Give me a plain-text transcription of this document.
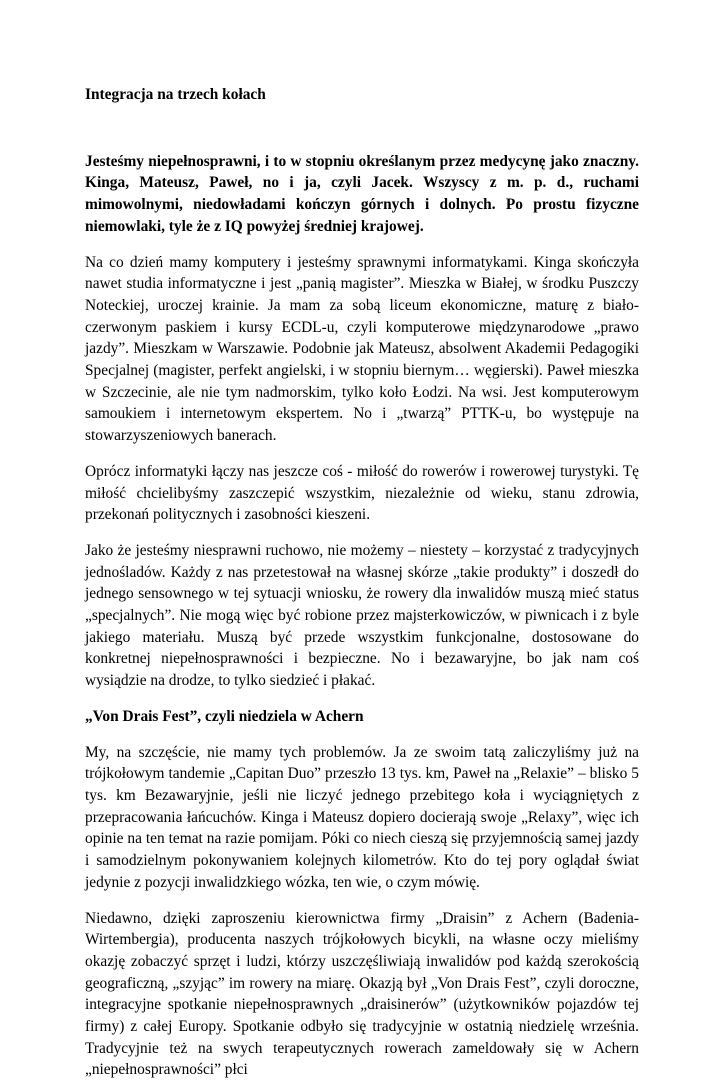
Integracja na trzech kołach

Jesteśmy niepełnosprawni, i to w stopniu określanym przez medycynę jako znaczny. Kinga, Mateusz, Paweł, no i ja, czyli Jacek. Wszyscy z m. p. d., ruchami mimowolnymi, niedowładami kończyn górnych i dolnych. Po prostu fizyczne niemowlaki, tyle że z IQ powyżej średniej krajowej.

Na co dzień mamy komputery i jesteśmy sprawnymi informatykami. Kinga skończyła nawet studia informatyczne i jest „panią magister”. Mieszka w Białej, w środku Puszczy Noteckiej, uroczej krainie. Ja mam za sobą liceum ekonomiczne, maturę z biało-czerwonym paskiem i kursy ECDL-u, czyli komputerowe międzynarodowe „prawo jazdy”. Mieszkam w Warszawie. Podobnie jak Mateusz, absolwent Akademii Pedagogiki Specjalnej (magister, perfekt angielski, i w stopniu biernym… węgierski). Paweł mieszka w Szczecinie, ale nie tym nadmorskim, tylko koło Łodzi. Na wsi. Jest komputerowym samoukiem i internetowym ekspertem. No i „twarzą” PTTK-u, bo występuje na stowarzyszeniowych banerach.

Oprócz informatyki łączy nas jeszcze coś - miłość do rowerów i rowerowej turystyki. Tę miłość chcielibyśmy zaszczepić wszystkim, niezależnie od wieku, stanu zdrowia, przekonań politycznych i zasobności kieszeni.

Jako że jesteśmy niesprawni ruchowo, nie możemy – niestety – korzystać z tradycyjnych jednośladów. Każdy z nas przetestował na własnej skórze „takie produkty” i doszedł do jednego sensownego w tej sytuacji wniosku, że rowery dla inwalidów muszą mieć status „specjalnych”. Nie mogą więc być robione przez majsterkowiczów, w piwnicach i z byle jakiego materiału. Muszą być przede wszystkim funkcjonalne, dostosowane do konkretnej niepełnosprawności i bezpieczne. No i bezawaryjne, bo jak nam coś wysiądzie na drodze, to tylko siedzieć i płakać.

„Von Drais Fest”, czyli niedziela w Achern

My, na szczęście, nie mamy tych problemów. Ja ze swoim tatą zaliczyliśmy już na trójkołowym tandemie „Capitan Duo” przeszło 13 tys. km, Paweł na „Relaxie” – blisko 5 tys. km Bezawaryjnie, jeśli nie liczyć jednego przebitego koła i wyciągniętych z przepracowania łańcuchów. Kinga i Mateusz dopiero docierają swoje „Relaxy”, więc ich opinie na ten temat na razie pomijam. Póki co niech cieszą się przyjemnością samej jazdy i samodzielnym pokonywaniem kolejnych kilometrów. Kto do tej pory oglądał świat jedynie z pozycji inwalidzkiego wózka, ten wie, o czym mówię.

Niedawno, dzięki zaproszeniu kierownictwa firmy „Draisin” z Achern (Badenia-Wirtembergia), producenta naszych trójkołowych bicykli, na własne oczy mieliśmy okazję zobaczyć sprzęt i ludzi, którzy uszczęśliwiają inwalidów pod każdą szerokością geograficzną, „szyjąc” im rowery na miarę. Okazją był „Von Drais Fest”, czyli doroczne, integracyjne spotkanie niepełnosprawnych „draisinerów” (użytkowników pojazdów tej firmy) z całej Europy. Spotkanie odbyło się tradycyjnie w ostatnią niedzielę września. Tradycyjnie też na swych terapeutycznych rowerach zameldowały się w Achern „niepełnosprawności” płci
